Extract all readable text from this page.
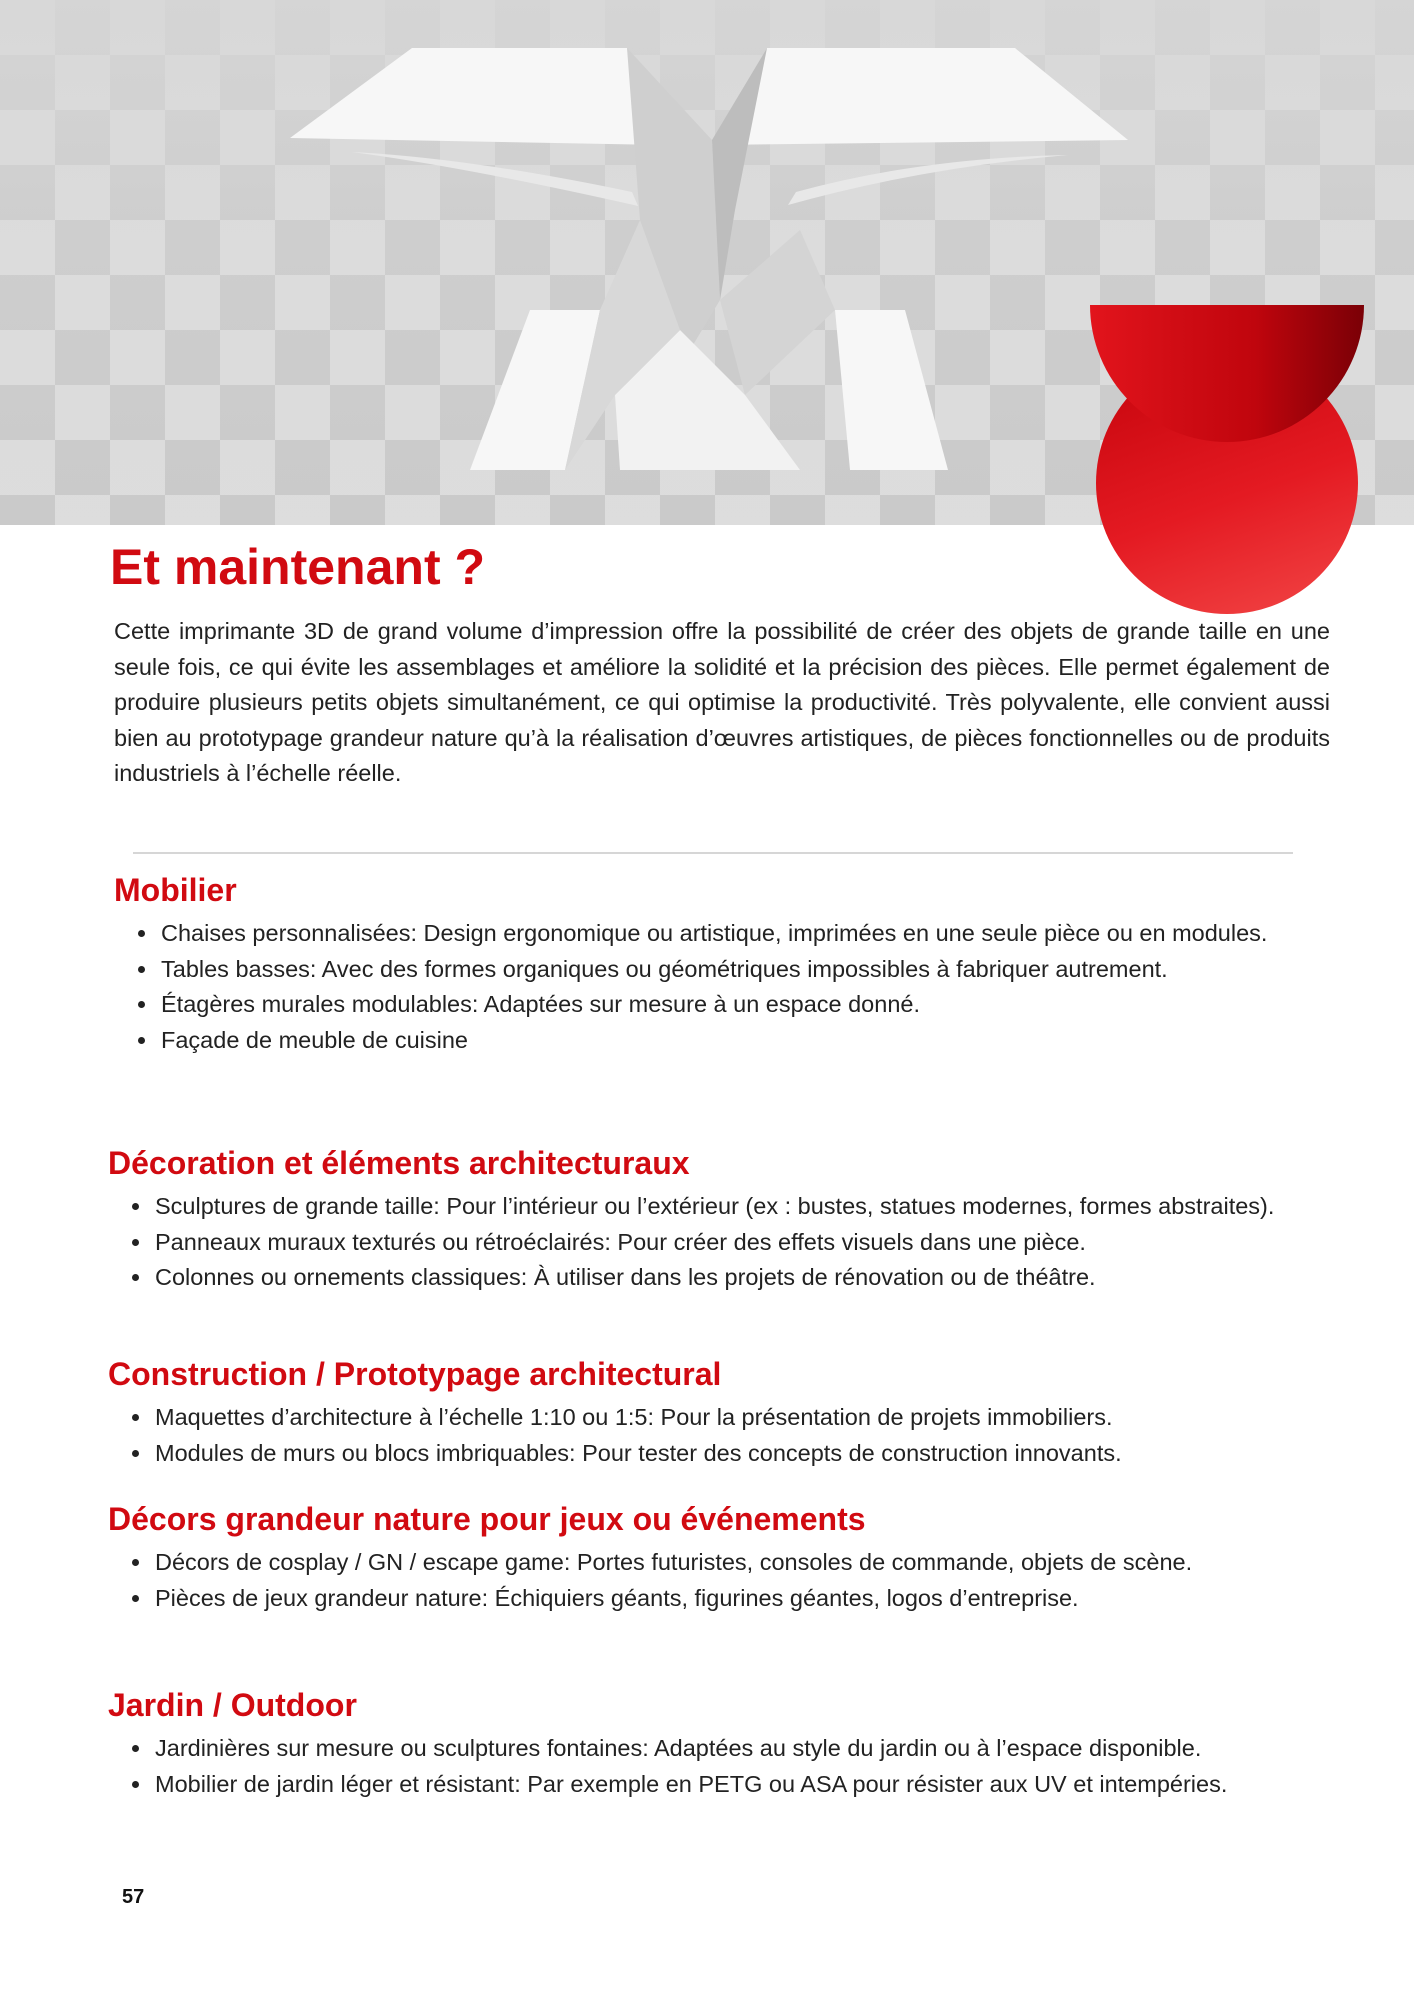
Et maintenant ?

Cette imprimante 3D de grand volume d’impression offre la possibilité de créer des objets de grande taille en une seule fois, ce qui évite les assemblages et améliore la solidité et la précision des pièces. Elle permet également de produire plusieurs petits objets simultanément, ce qui optimise la productivité. Très polyvalente, elle convient aussi bien au prototypage grandeur nature qu’à la réalisation d’œuvres artistiques, de pièces fonctionnelles ou de produits industriels à l’échelle réelle.

Mobilier
• Chaises personnalisées: Design ergonomique ou artistique, imprimées en une seule pièce ou en modules.
• Tables basses: Avec des formes organiques ou géométriques impossibles à fabriquer autrement.
• Étagères murales modulables: Adaptées sur mesure à un espace donné.
• Façade de meuble de cuisine
Décoration et éléments architecturaux
• Sculptures de grande taille: Pour l’intérieur ou l’extérieur (ex : bustes, statues modernes, formes abstraites).
• Panneaux muraux texturés ou rétroéclairés: Pour créer des effets visuels dans une pièce.
• Colonnes ou ornements classiques: À utiliser dans les projets de rénovation ou de théâtre.
Construction / Prototypage architectural
• Maquettes d’architecture à l’échelle 1:10 ou 1:5: Pour la présentation de projets immobiliers.
• Modules de murs ou blocs imbriquables: Pour tester des concepts de construction innovants.
Décors grandeur nature pour jeux ou événements
• Décors de cosplay / GN / escape game: Portes futuristes, consoles de commande, objets de scène.
• Pièces de jeux grandeur nature: Échiquiers géants, figurines géantes, logos d’entreprise.
Jardin / Outdoor
• Jardinières sur mesure ou sculptures fontaines: Adaptées au style du jardin ou à l’espace disponible.
• Mobilier de jardin léger et résistant: Par exemple en PETG ou ASA pour résister aux UV et intempéries.
57
